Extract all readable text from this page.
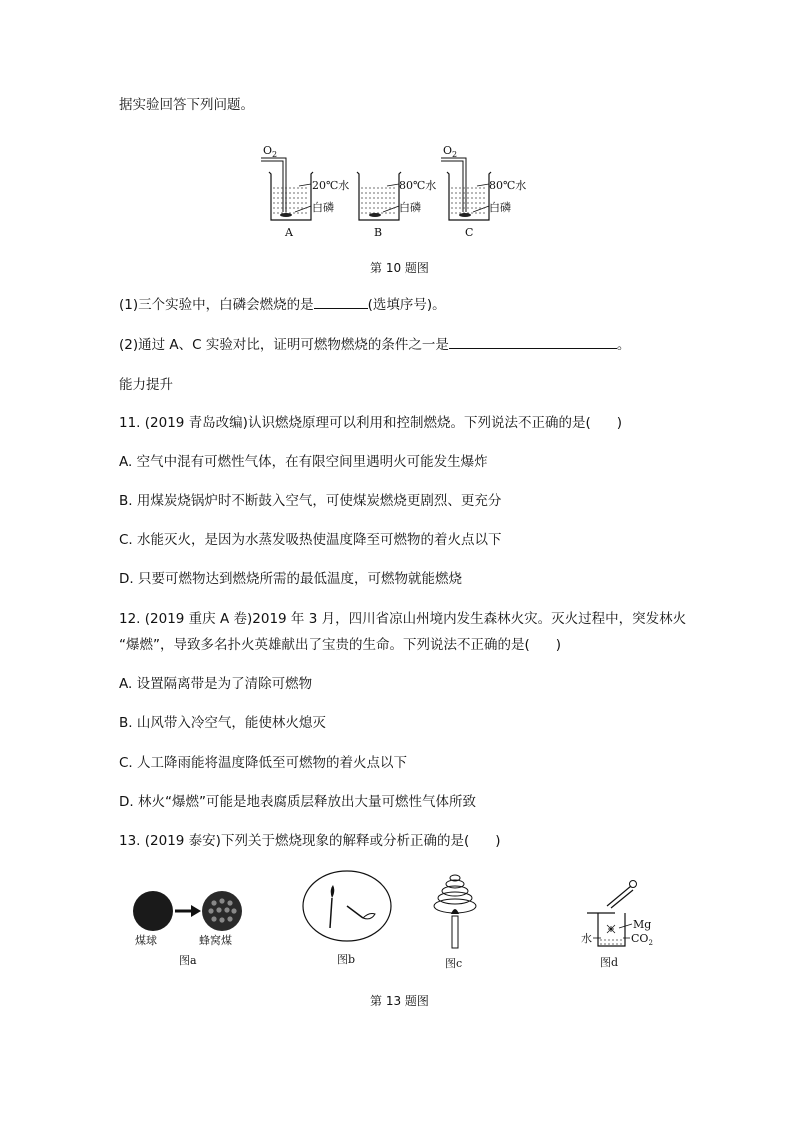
据实验回答下列问题。
$O_2$
20℃水
白磷
A
80℃水
白磷
B
$O_2$
80℃水
白磷
C
第 10 题图
(1)三个实验中，白磷会燃烧的是	(选填序号)。
(2)通过 A、C 实验对比，证明可燃物燃烧的条件之一是	。
能力提升
11. (2019 青岛改编)认识燃烧原理可以利用和控制燃烧。下列说法不正确的是( )
A. 空气中混有可燃性气体，在有限空间里遇明火可能发生爆炸
B. 用煤炭烧锅炉时不断鼓入空气，可使煤炭燃烧更剧烈、更充分
C. 水能灭火，是因为水蒸发吸热使温度降至可燃物的着火点以下
D. 只要可燃物达到燃烧所需的最低温度，可燃物就能燃烧
12. (2019 重庆 A 卷)2019 年 3 月，四川省凉山州境内发生森林火灾。灭火过程中，突发林火
“爆燃”，导致多名扑火英雄献出了宝贵的生命。下列说法不正确的是( )
A. 设置隔离带是为了清除可燃物
B. 山风带入冷空气，能使林火熄灭
C. 人工降雨能将温度降低至可燃物的着火点以下
D. 林火“爆燃”可能是地表腐质层释放出大量可燃性气体所致
13. (2019 泰安)下列关于燃烧现象的解释或分析正确的是( )
煤球	蜂窝煤
图a	图b	图c
水
Mg
$CO_2$
图d
第 13 题图
